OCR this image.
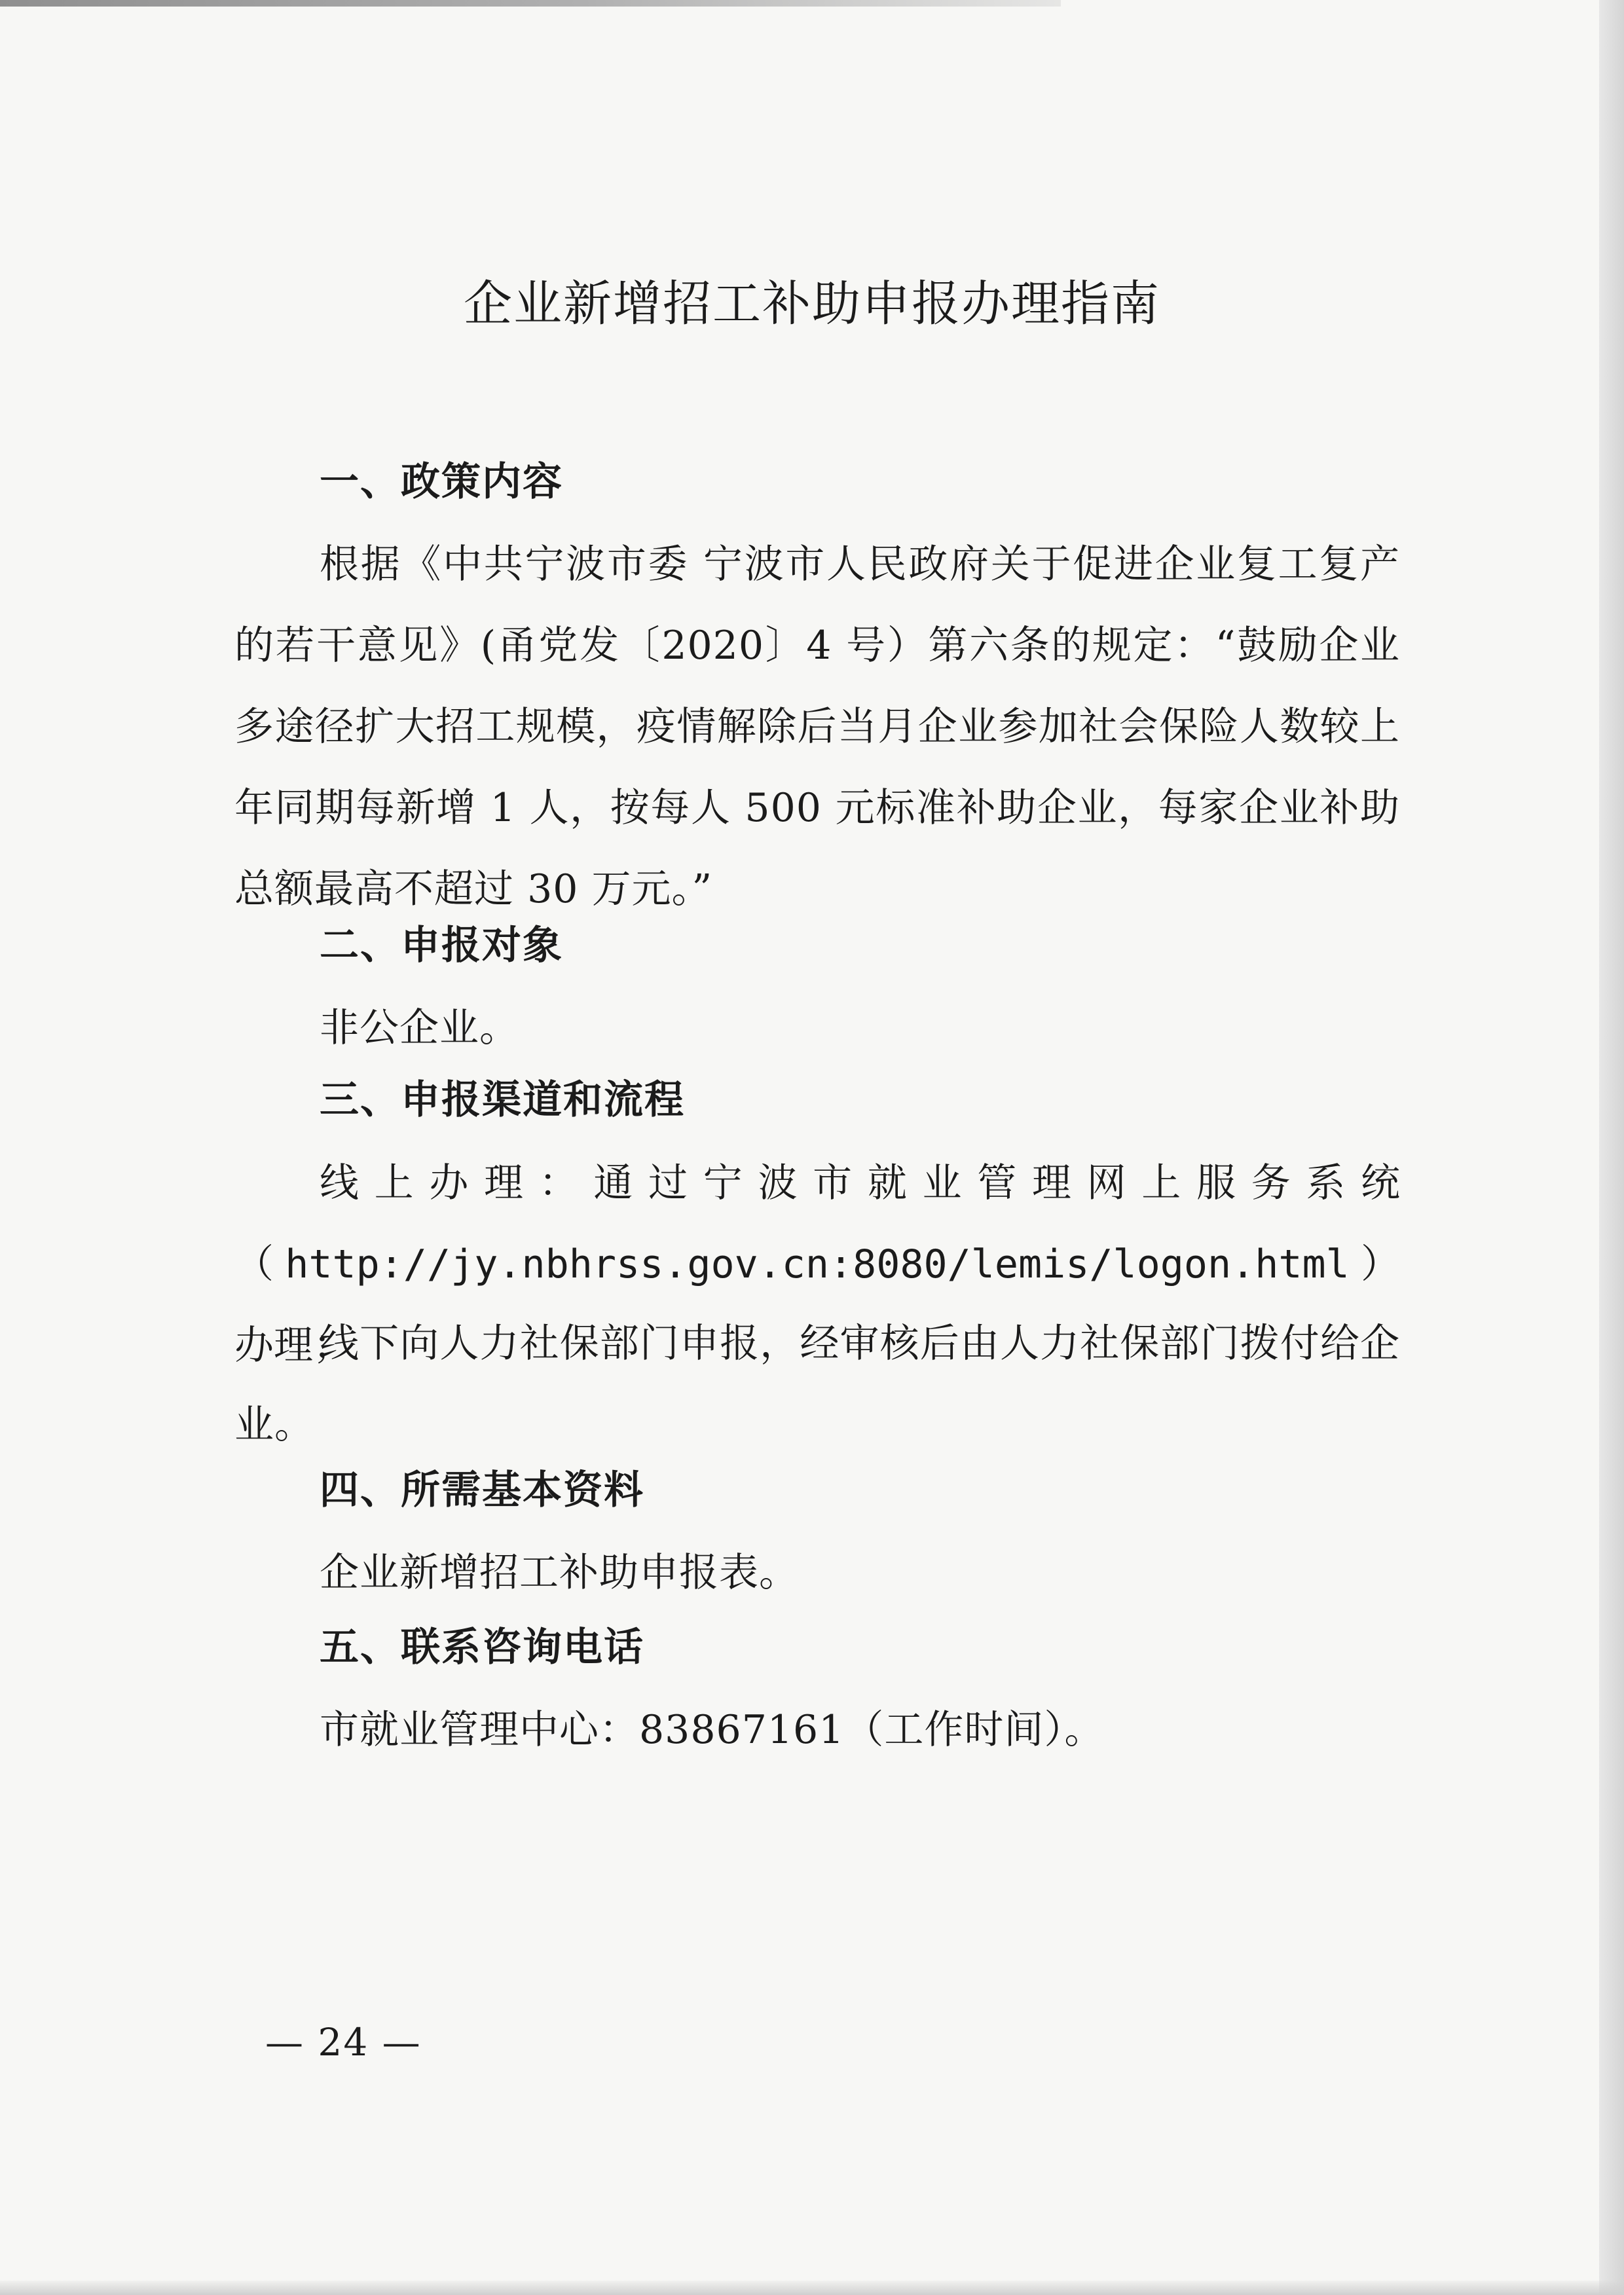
企业新增招工补助申报办理指南
一、政策内容
根据《中共宁波市委 宁波市人民政府关于促进企业复工复产的若干意见》(甬党发〔2020〕4 号）第六条的规定：“鼓励企业多途径扩大招工规模，疫情解除后当月企业参加社会保险人数较上年同期每新增 1 人，按每人 500 元标准补助企业，每家企业补助总额最高不超过 30 万元。”
二、申报对象
非公企业。
三、申报渠道和流程
线上办理：通过宁波市就业管理网上服务系统（http://jy.nbhrss.gov.cn:8080/lemis/logon.html）办理；
线下向人力社保部门申报，经审核后由人力社保部门拨付给企业。
四、所需基本资料
企业新增招工补助申报表。
五、联系咨询电话
市就业管理中心：83867161（工作时间）。
— 24 —
